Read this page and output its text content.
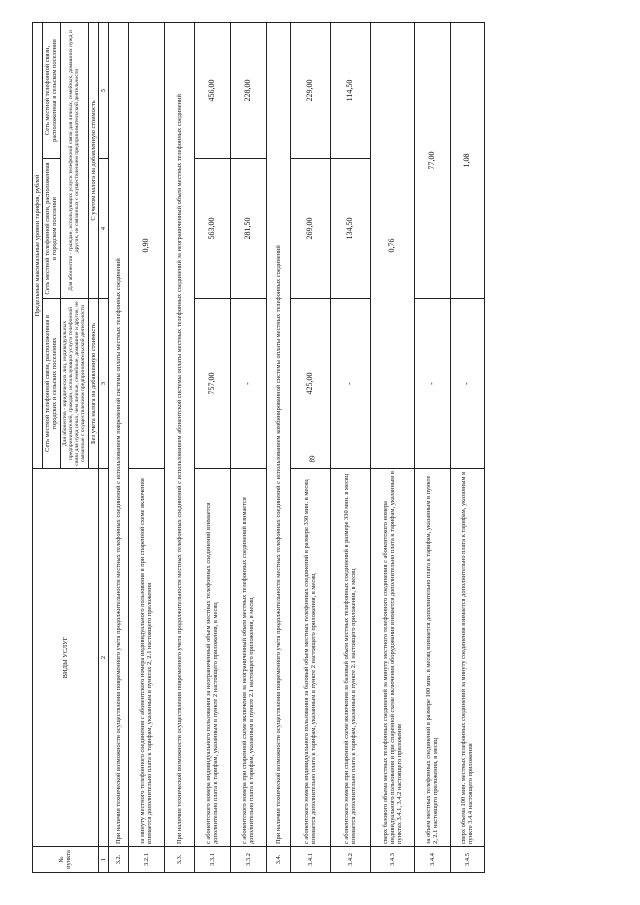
89
№ пункта	ВИДЫ УСЛУГ	Предельные максимальные уровни тарифов, рублей		
		Сеть местной телефонной связи, расположенная в городских и сельских поселениях	Сеть местной телефонной связи, расположенная в городском поселении	Сеть местной телефонной связи, расположенная в сельском поселении
		Для абонентов - юридических лиц, индивидуальных предпринимателей, граждан, использующих услуги телефонной связи для нужд иных, чем личные, семейные, домашние и другие, не связанные с осуществлением предпринимательской деятельности	Для абонентов - граждан, использующих услуги телефонной связи для личных, семейных, домашних нужд и других, не связанных с осуществлением предпринимательской деятельности	
		Без учета налога на добавленную стоимость	С учетом налога на добавленную стоимость	
1	2	3	4	5
3.2.	При наличии технической возможности осуществления повременного учета продолжительности местных телефонных соединений с использованием повременной системы оплаты местных телефонных соединений			
3.2.1	за минуту местного телефонного соединения с абонентского номера индивидуального пользования в при спаренной схеме включения взимается дополнительно плата к тарифам, указанным в пунктах 2, 2.1 настоящего приложения	0,90		
3.3.	При наличии технической возможности осуществления повременного учета продолжительности местных телефонных соединений с использованием абонентской системы оплаты местных телефонных соединений за неограниченный объем местных телефонных соединений			
3.3.1	с абонентского номера индивидуального пользования за неограниченный объем местных телефонных соединений взимается дополнительно плата к тарифам, указанным в пункте 2 настоящего приложения, в месяц	757,00	563,00	456,00
3.3.2	с абонентского номера при спаренной схеме включения за неограниченный объем местных телефонных соединений взимается дополнительно плата к тарифам, указанным в пункте 2.1 настоящего приложения, в месяц	-	281,50	228,00
3.4.	При наличии технической возможности осуществления повременного учета продолжительности местных телефонных соединений с использованием комбинированной системы оплаты местных телефонных соединений			
3.4.1	с абонентского номера индивидуального пользования за базовый объем местных телефонных соединений в размере 330 мин. в месяц взимается дополнительно плата к тарифам, указанным в пункте 2 настоящего приложения, в месяц	425,00	269,00	229,00
3.4.2	с абонентского номера при спаренной схеме включения за базовый объем местных телефонных соединений в размере 330 мин. в месяц взимается дополнительно плата к тарифам, указанным в пункте 2.1 настоящего приложения, в месяц	-	134,50	114,50
3.4.3	сверх базового объема местных телефонных соединений за минуту местного телефонного соединения с абонентского номера индивидуального пользования и при спаренной схеме включения оборудования взимается дополнительно плата к тарифам, указанным в пунктах 3.4.1, 3.4.2 настоящего приложения	0,76		
3.4.4	за объем местных телефонных соединений в размере 100 мин. в месяц взимается дополнительно плата к тарифам, указанным в пункте 2, 2.1 настоящего приложения, в месяц	-	77,00	
3.4.5	сверх объема 100 мин. местных телефонных соединений за минуту соединения взимается дополнительно плата к тарифам, указанным в пункте 3.4.4 настоящего приложения	-	1,08	
